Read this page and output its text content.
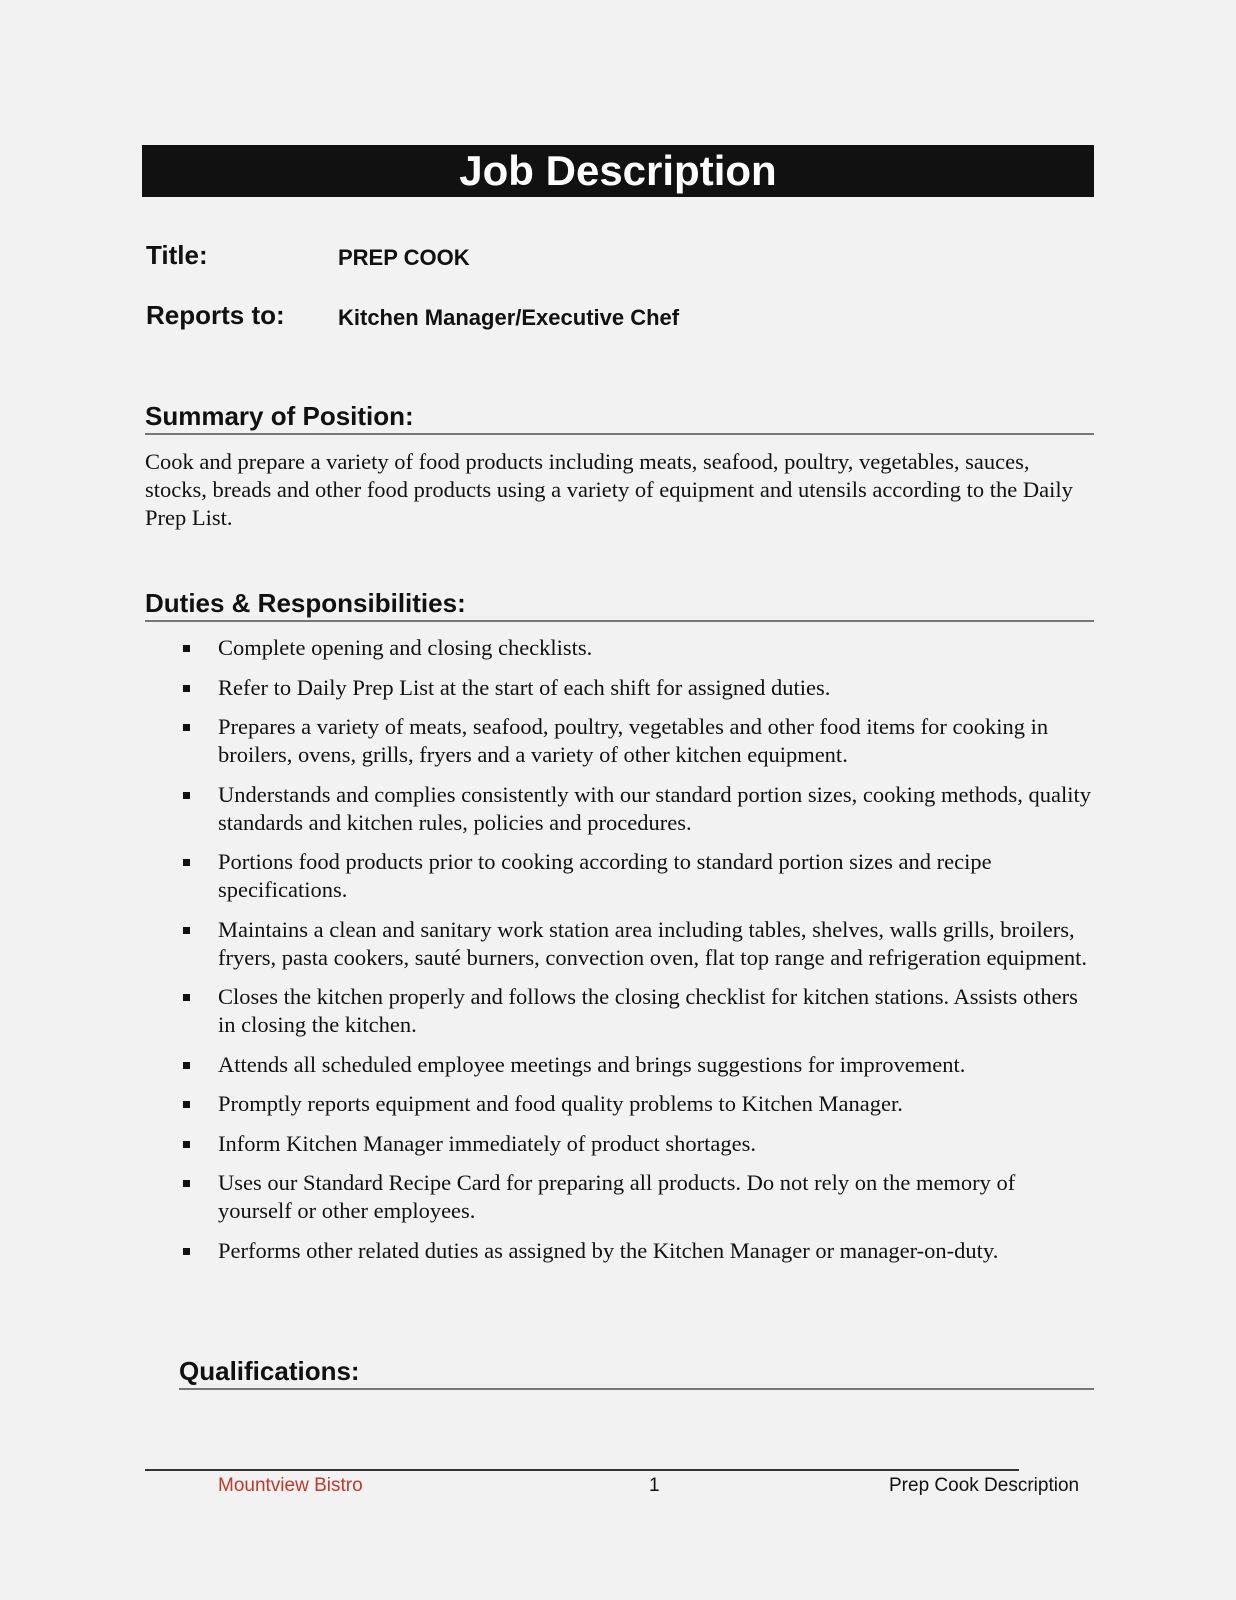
Job Description
Title:	PREP COOK
Reports to: Kitchen Manager/Executive Chef
Summary of Position:

Cook and prepare a variety of food products including meats, seafood, poultry, vegetables, sauces, stocks, breads and other food products using a variety of equipment and utensils according to the Daily Prep List.

Duties & Responsibilities:
Complete opening and closing checklists.
Refer to Daily Prep List at the start of each shift for assigned duties.
Prepares a variety of meats, seafood, poultry, vegetables and other food items for cooking in broilers, ovens, grills, fryers and a variety of other kitchen equipment.
Understands and complies consistently with our standard portion sizes, cooking methods, quality standards and kitchen rules, policies and procedures.
Portions food products prior to cooking according to standard portion sizes and recipe specifications.
Maintains a clean and sanitary work station area including tables, shelves, walls grills, broilers, fryers, pasta cookers, sauté burners, convection oven, flat top range and refrigeration equipment.
Closes the kitchen properly and follows the closing checklist for kitchen stations. Assists others in closing the kitchen.
Attends all scheduled employee meetings and brings suggestions for improvement.
Promptly reports equipment and food quality problems to Kitchen Manager.
Inform Kitchen Manager immediately of product shortages.
Uses our Standard Recipe Card for preparing all products. Do not rely on the memory of yourself or other employees.
Performs other related duties as assigned by the Kitchen Manager or manager-on-duty.
Qualifications:
Mountview Bistro	1	Prep Cook Description
